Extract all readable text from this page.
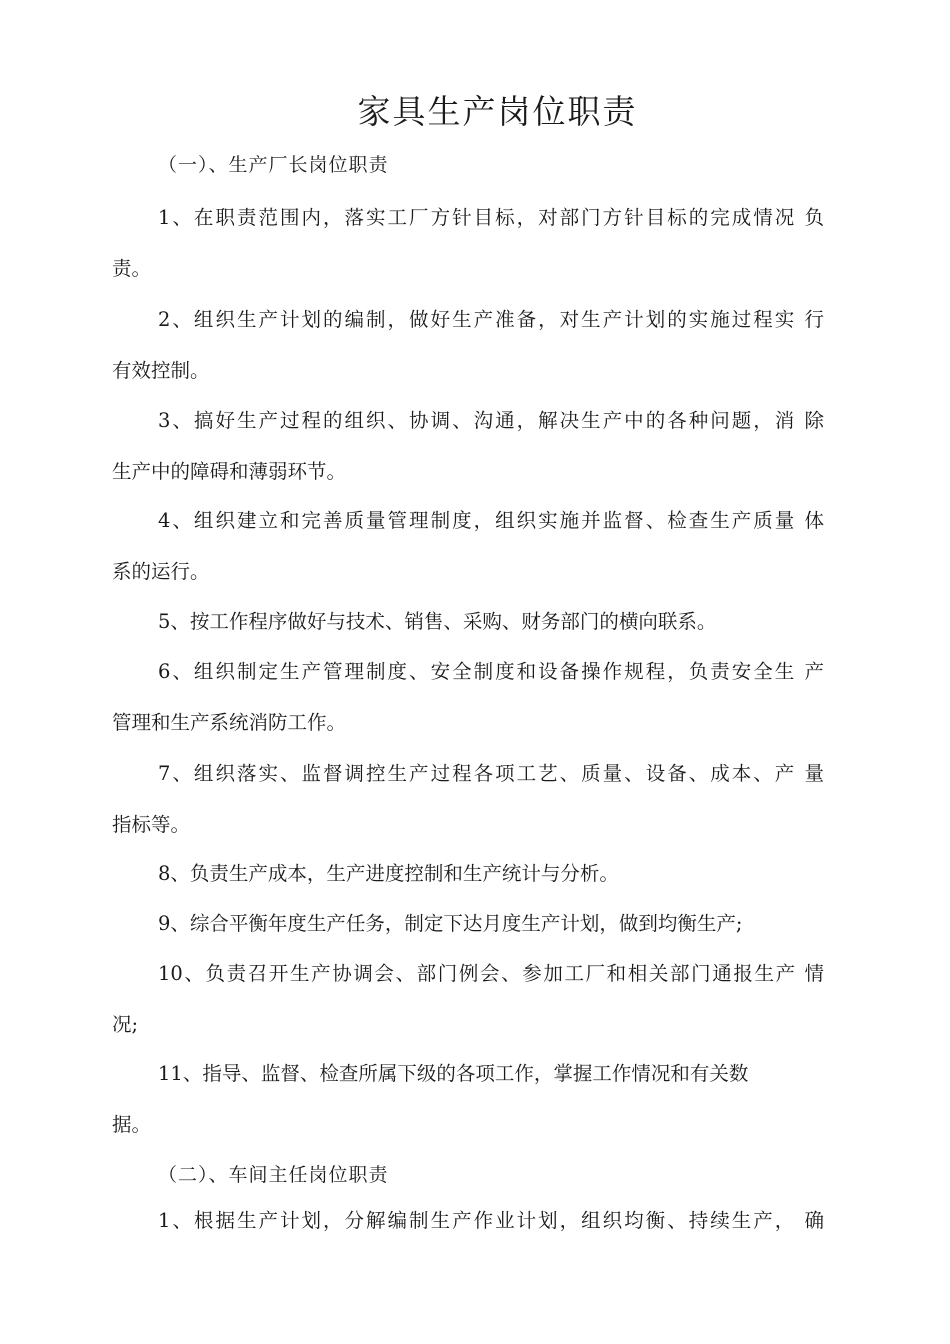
家具生产岗位职责
（一）、生产厂长岗位职责

1、在职责范围内，落实工厂方针目标，对部门方针目标的完成情况 负
责。

2、组织生产计划的编制，做好生产准备，对生产计划的实施过程实 行
有效控制。

3、搞好生产过程的组织、协调、沟通，解决生产中的各种问题，消 除
生产中的障碍和薄弱环节。

4、组织建立和完善质量管理制度，组织实施并监督、检查生产质量 体
系的运行。

5、按工作程序做好与技术、销售、采购、财务部门的横向联系。

6、组织制定生产管理制度、安全制度和设备操作规程，负责安全生 产
管理和生产系统消防工作。

7、组织落实、监督调控生产过程各项工艺、质量、设备、成本、产 量
指标等。

8、负责生产成本，生产进度控制和生产统计与分析。

9、综合平衡年度生产任务，制定下达月度生产计划，做到均衡生产;

10、负责召开生产协调会、部门例会、参加工厂和相关部门通报生产 情
况;

11、指导、监督、检查所属下级的各项工作，掌握工作情况和有关数
据。

（二）、车间主任岗位职责

1、根据生产计划，分解编制生产作业计划，组织均衡、持续生产， 确
